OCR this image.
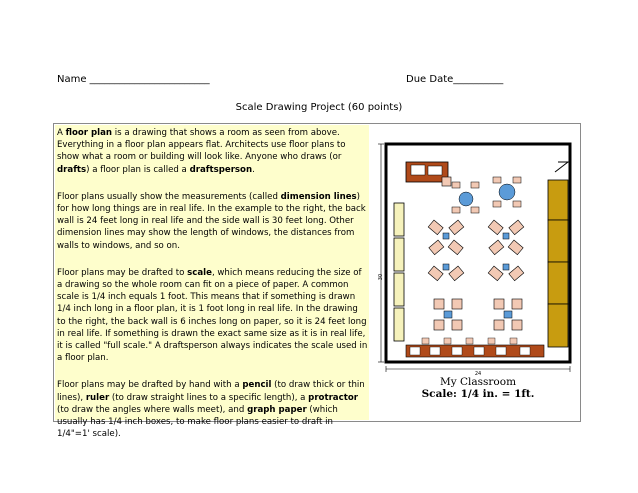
Name ________________________	Due Date__________
Scale Drawing Project (60 points)

A floor plan is a drawing that shows a room as seen from above. Everything in a floor plan appears flat. Architects use floor plans to show what a room or building will look like. Anyone who draws (or drafts) a floor plan is called a draftsperson.

Floor plans usually show the measurements (called dimension lines) for how long things are in real life. In the example to the right, the back wall is 24 feet long in real life and the side wall is 30 feet long. Other dimension lines may show the length of windows, the distances from walls to windows, and so on.

Floor plans may be drafted to scale, which means reducing the size of a drawing so the whole room can fit on a piece of paper. A common scale is 1/4 inch equals 1 foot. This means that if something is drawn 1/4 inch long in a floor plan, it is 1 foot long in real life. In the drawing to the right, the back wall is 6 inches long on paper, so it is 24 feet long in real life. If something is drawn the exact same size as it is in real life, it is called "full scale." A draftsperson always indicates the scale used in a floor plan.

Floor plans may be drafted by hand with a pencil (to draw thick or thin lines), ruler (to draw straight lines to a specific length), a protractor (to draw the angles where walls meet), and graph paper (which usually has 1/4 inch boxes, to make floor plans easier to draft in 1/4"=1' scale).

30
24
My Classroom
Scale: 1/4 in. = 1ft.
